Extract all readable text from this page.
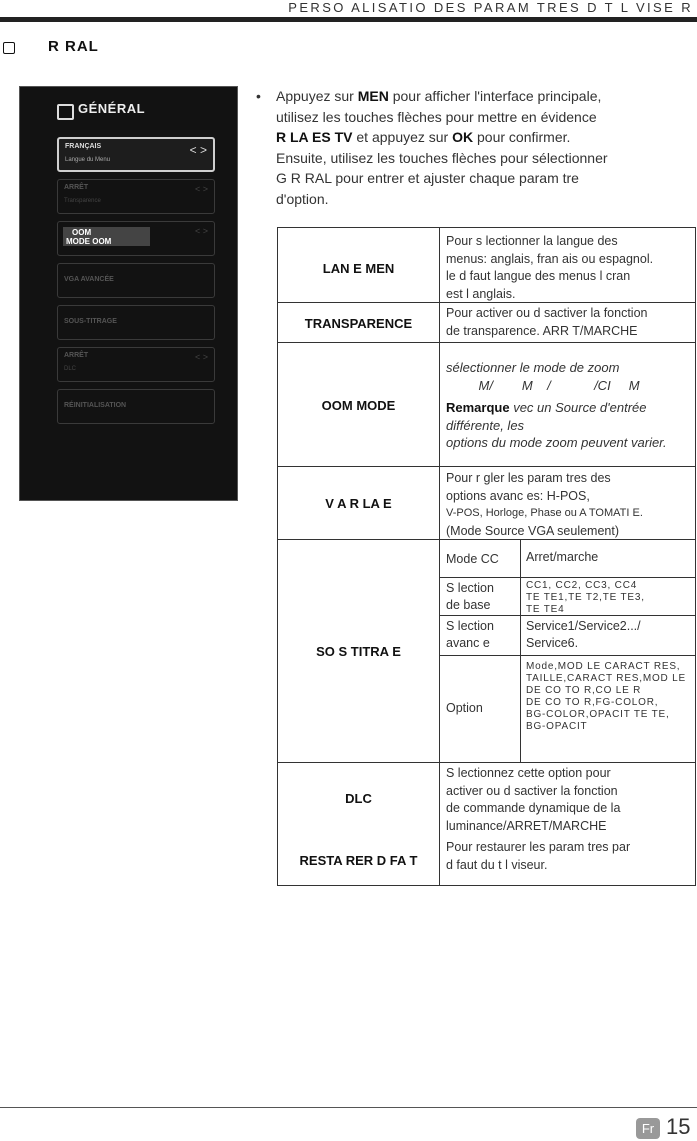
PERSO ALISATIO DES PARAM TRES D T L VISE R
R RAL
GÉNÉRAL
FRANÇAIS
Langue du Menu
< >
ARRÊT
Transparence
< >
< >
VGA AVANCÉE
SOUS-TITRAGE
ARRÊT
DLC
< >
RÉINITIALISATION
OOM
MODE OOM
•	Appuyez sur MEN pour afficher l'interface principale,
utilisez les touches flèches pour mettre en évidence
R LA ES TV et appuyez sur OK pour confirmer.
Ensuite, utilisez les touches flèches pour sélectionner
G R RAL pour entrer et ajuster chaque param tre
d'option.
LAN E MEN
Pour s lectionner la langue des
menus: anglais, fran ais ou espagnol.
le d faut langue des menus l cran
est l anglais.
TRANSPARENCE
Pour activer ou d sactiver la fonction
de transparence. ARR T/MARCHE
OOM MODE
sélectionner le mode de zoom
M/        M    /            /CI     M
Remarque vec un Source d'entrée
différente, les
options du mode zoom peuvent varier.
V A R LA E
Pour r gler les param tres des
options avanc es: H-POS,
V-POS, Horloge, Phase ou A TOMATI E.
(Mode Source VGA seulement)
SO S TITRA E
Mode CC Arret/marche
S lection
de base
CC1, CC2, CC3, CC4
TE TE1,TE T2,TE TE3,
TE TE4
S lection
avanc e
Service1/Service2.../
Service6.
Option
Mode,MOD LE CARACT RES,
TAILLE,CARACT RES,MOD LE
DE CO TO R,CO LE R
DE CO TO R,FG-COLOR,
BG-COLOR,OPACIT TE TE,
BG-OPACIT
DLC
S lectionnez cette option pour
activer ou d sactiver la fonction
de commande dynamique de la
luminance/ARRET/MARCHE
RESTA RER D FA T
Pour restaurer les param tres par
d faut du t l viseur.
Fr 15
